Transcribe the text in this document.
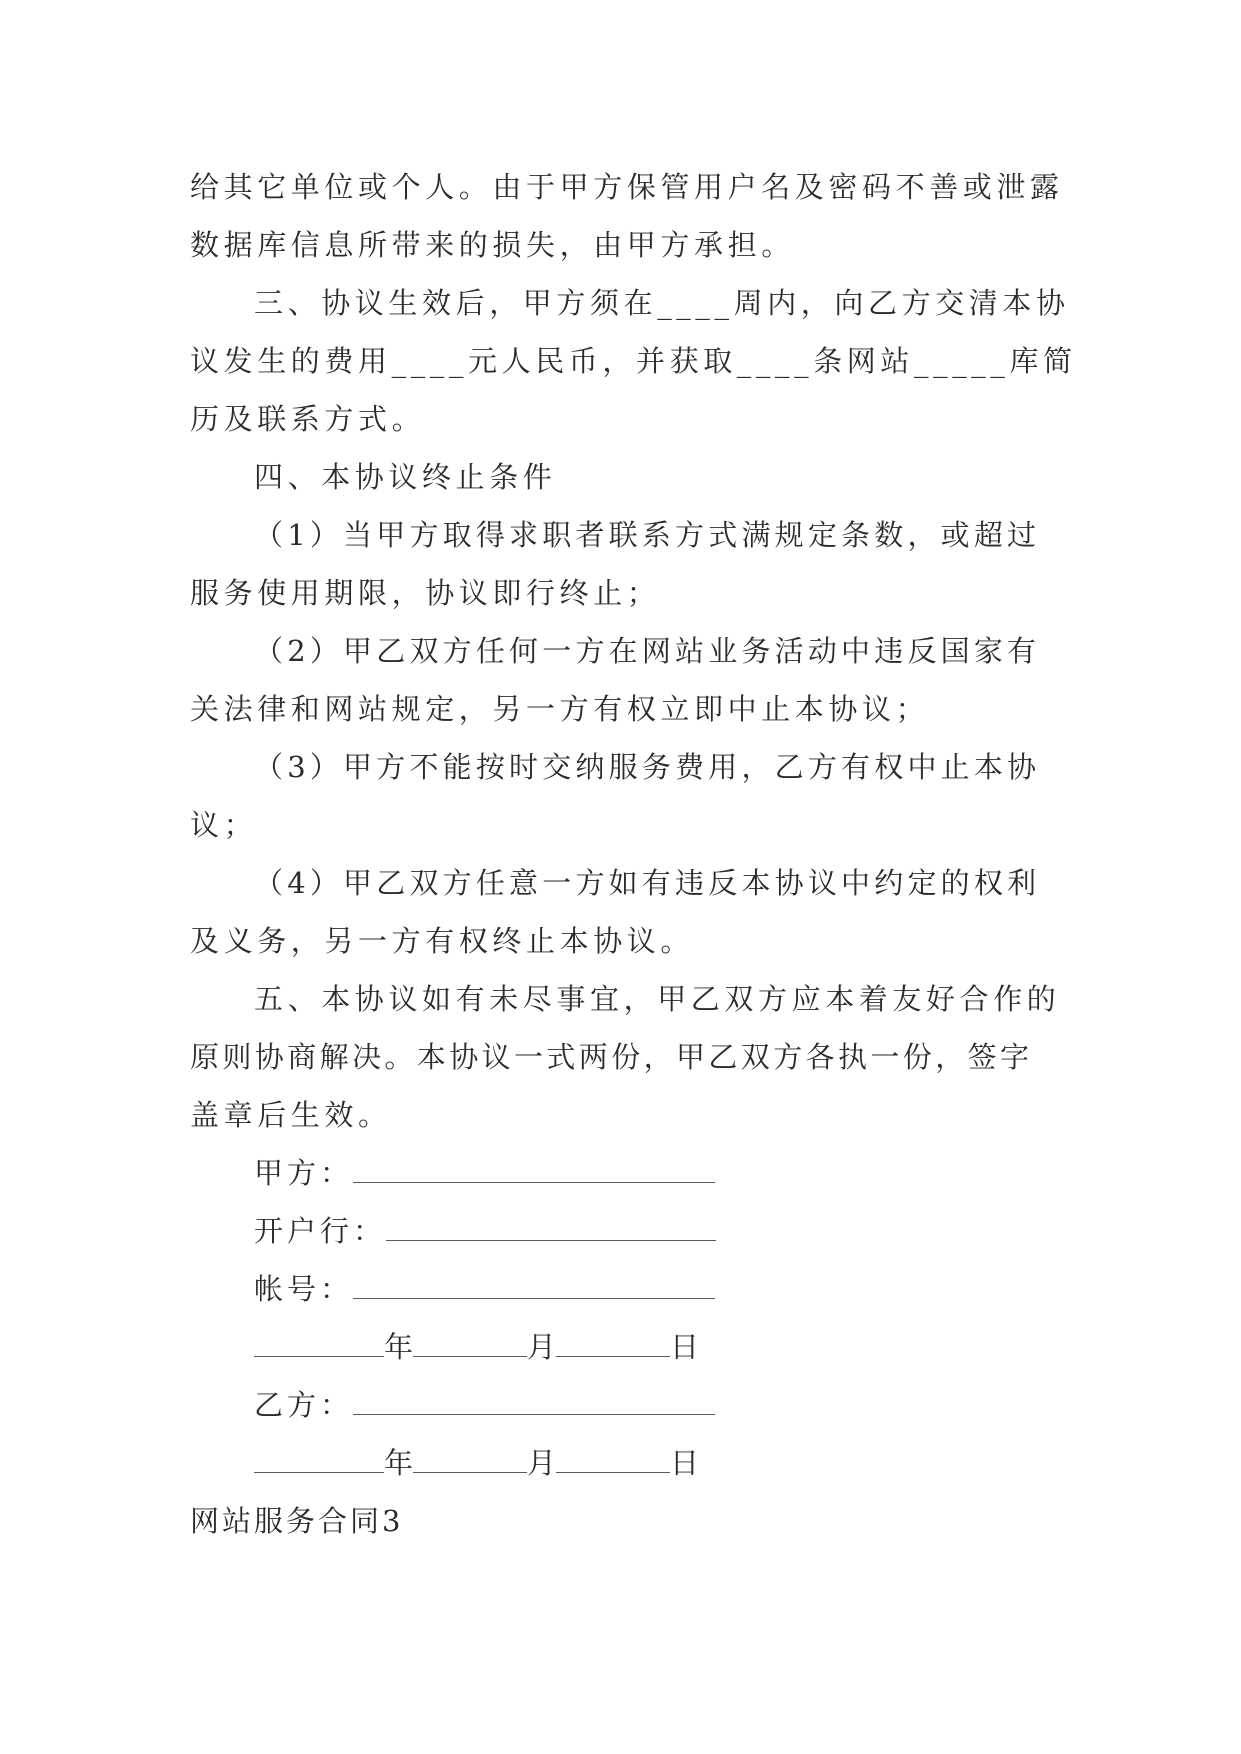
给其它单位或个人。由于甲方保管用户名及密码不善或泄露
数据库信息所带来的损失，由甲方承担。
三、协议生效后，甲方须在____周内，向乙方交清本协
议发生的费用____元人民币，并获取____条网站_____库简
历及联系方式。
四、本协议终止条件
（1）当甲方取得求职者联系方式满规定条数，或超过
服务使用期限，协议即行终止；
（2）甲乙双方任何一方在网站业务活动中违反国家有
关法律和网站规定，另一方有权立即中止本协议；
（3）甲方不能按时交纳服务费用，乙方有权中止本协
议；
（4）甲乙双方任意一方如有违反本协议中约定的权利
及义务，另一方有权终止本协议。
五、本协议如有未尽事宜，甲乙双方应本着友好合作的
原则协商解决。本协议一式两份，甲乙双方各执一份，签字
盖章后生效。
甲方：
开户行：
帐号：
年	月	日
乙方：
年	月	日
网站服务合同3
